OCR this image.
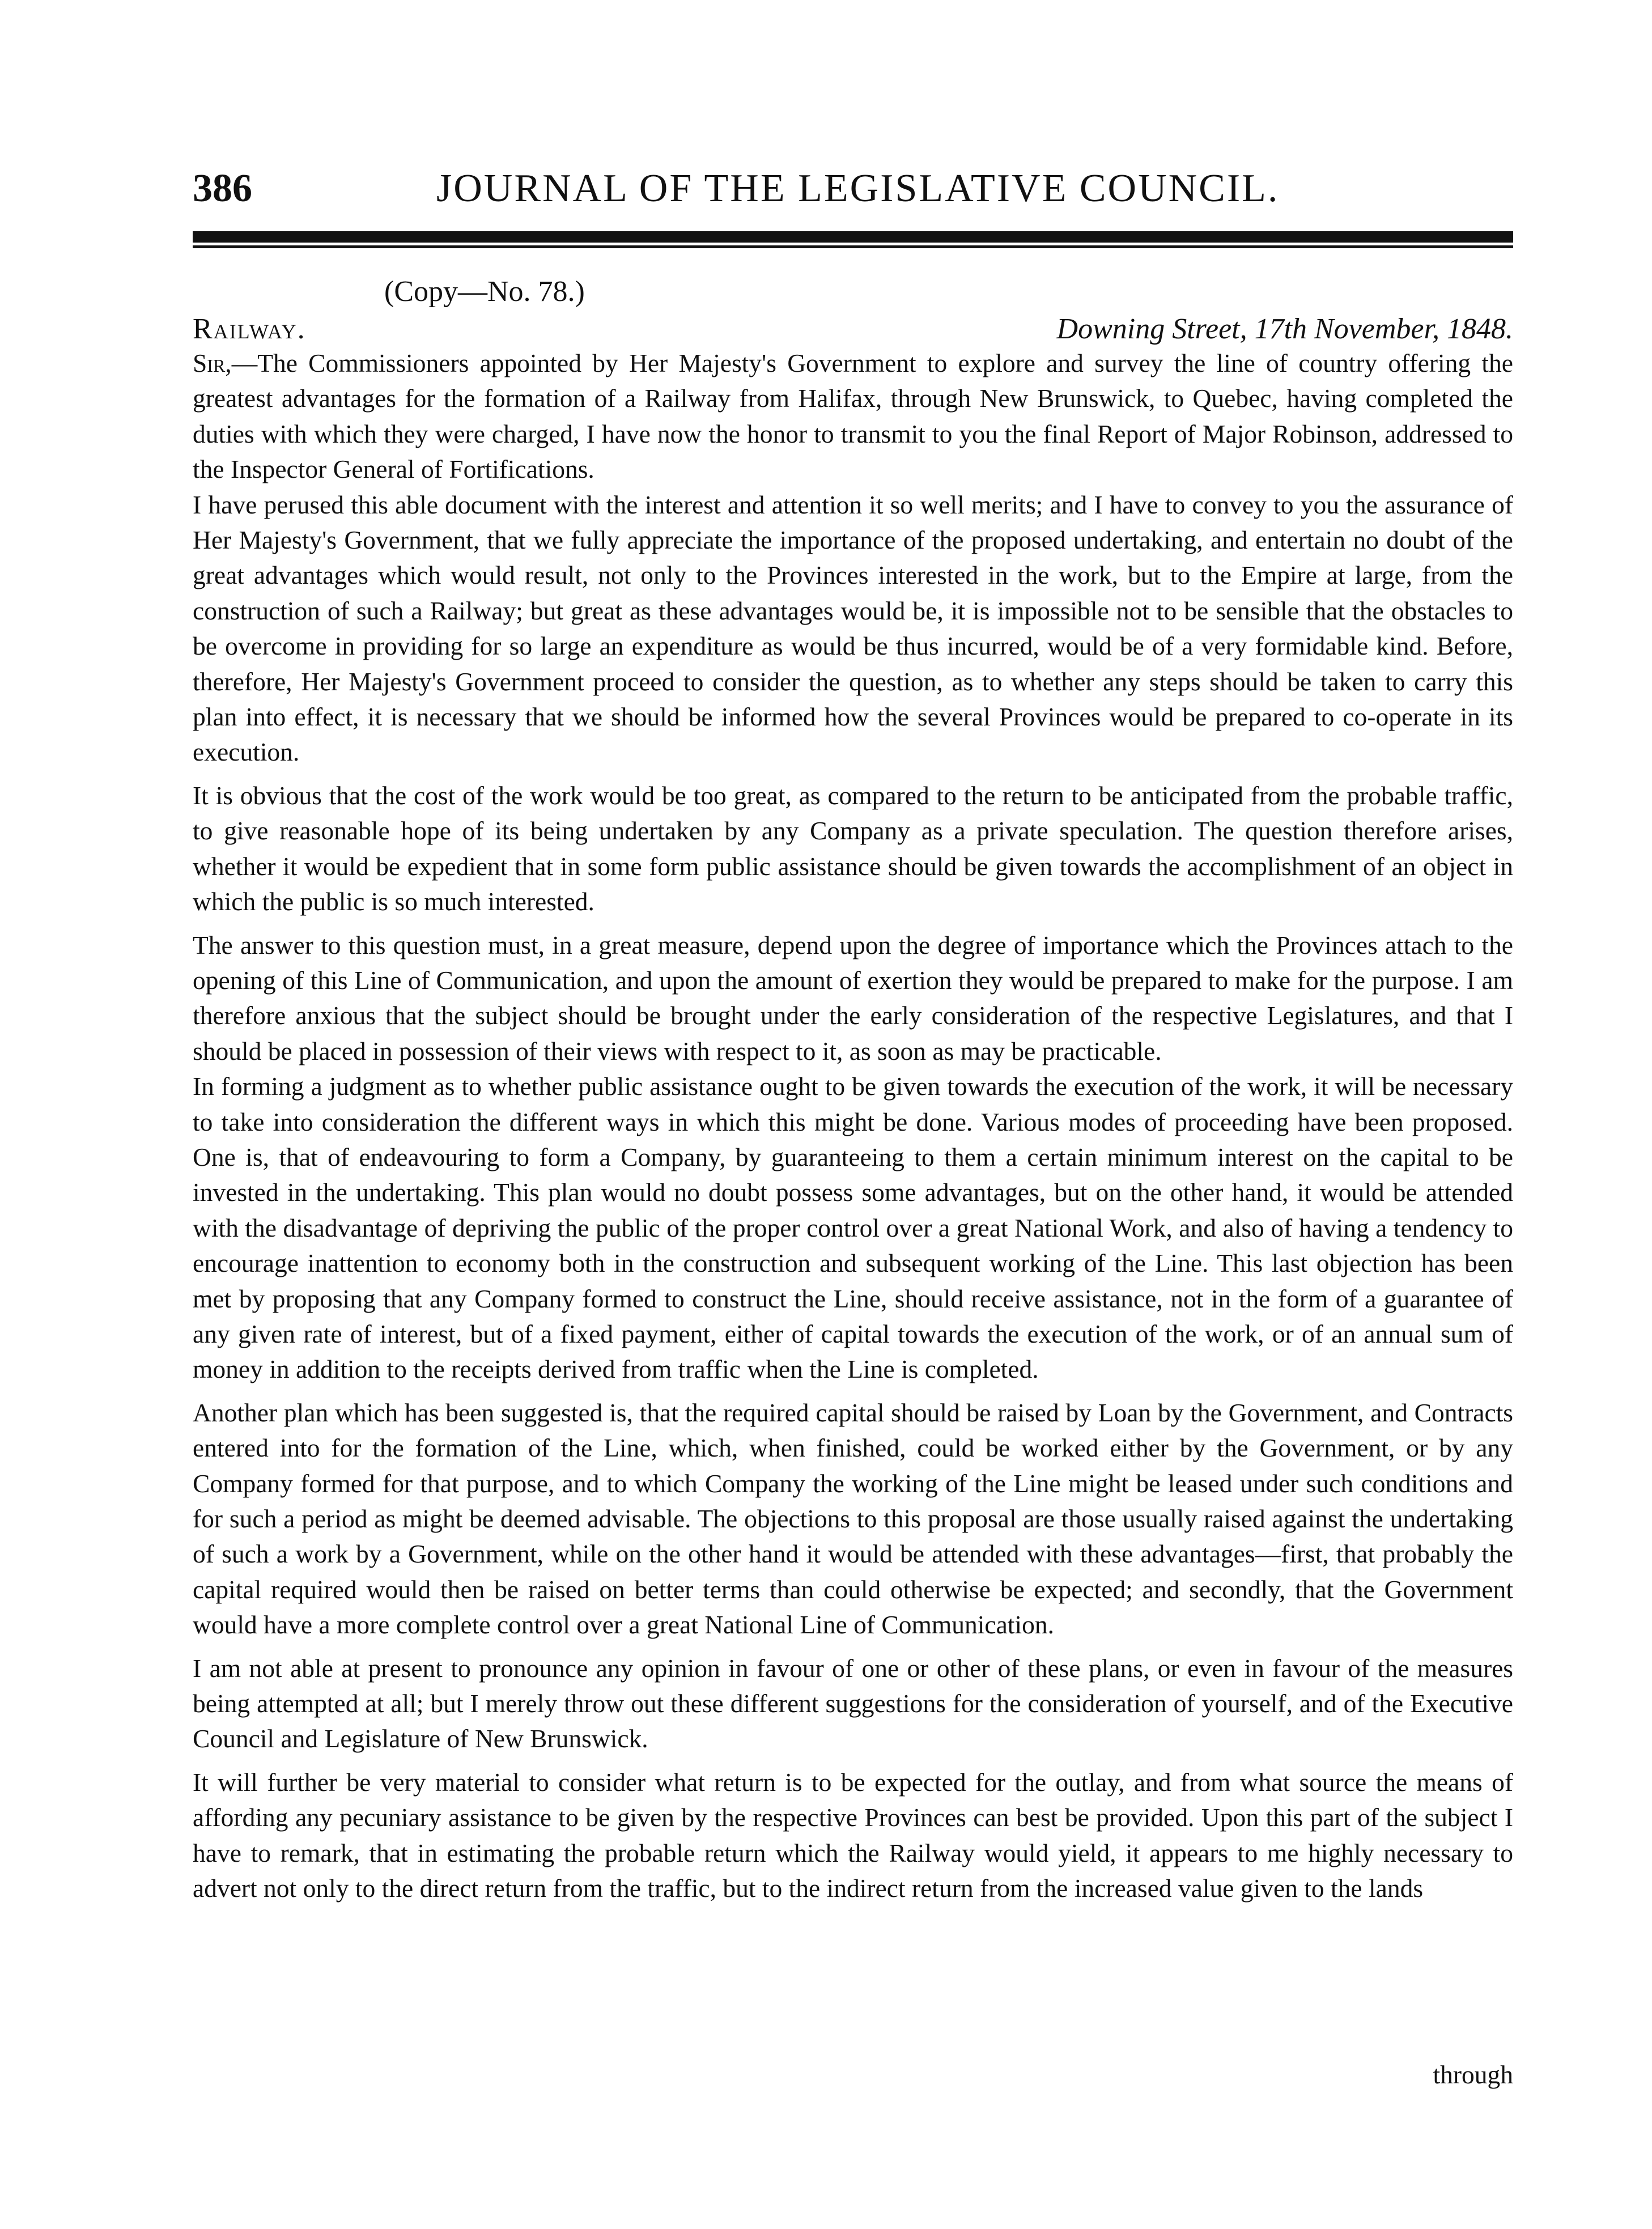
386	JOURNAL OF THE LEGISLATIVE COUNCIL.
(Copy—No. 78.)
Railway.	Downing Street, 17th November, 1848.

Sir,—The Commissioners appointed by Her Majesty's Government to explore and survey the line of country offering the greatest advantages for the formation of a Railway from Halifax, through New Brunswick, to Quebec, having completed the duties with which they were charged, I have now the honor to transmit to you the final Report of Major Robinson, addressed to the Inspector General of Fortifications.

I have perused this able document with the interest and attention it so well merits; and I have to convey to you the assurance of Her Majesty's Government, that we fully appreciate the importance of the proposed undertaking, and entertain no doubt of the great advantages which would result, not only to the Provinces interested in the work, but to the Empire at large, from the construction of such a Railway; but great as these advantages would be, it is impossible not to be sensible that the obstacles to be overcome in providing for so large an expenditure as would be thus incurred, would be of a very formidable kind. Before, therefore, Her Majesty's Government proceed to consider the question, as to whether any steps should be taken to carry this plan into effect, it is necessary that we should be informed how the several Provinces would be prepared to co-operate in its execution.

It is obvious that the cost of the work would be too great, as compared to the return to be anticipated from the probable traffic, to give reasonable hope of its being undertaken by any Company as a private speculation. The question therefore arises, whether it would be expedient that in some form public assistance should be given towards the accomplishment of an object in which the public is so much interested.

The answer to this question must, in a great measure, depend upon the degree of importance which the Provinces attach to the opening of this Line of Communication, and upon the amount of exertion they would be prepared to make for the purpose. I am therefore anxious that the subject should be brought under the early consideration of the respective Legislatures, and that I should be placed in possession of their views with respect to it, as soon as may be practicable.

In forming a judgment as to whether public assistance ought to be given towards the execution of the work, it will be necessary to take into consideration the different ways in which this might be done. Various modes of proceeding have been proposed. One is, that of endeavouring to form a Company, by guaranteeing to them a certain minimum interest on the capital to be invested in the undertaking. This plan would no doubt possess some advantages, but on the other hand, it would be attended with the disadvantage of depriving the public of the proper control over a great National Work, and also of having a tendency to encourage inattention to economy both in the construction and subsequent working of the Line. This last objection has been met by proposing that any Company formed to construct the Line, should receive assistance, not in the form of a guarantee of any given rate of interest, but of a fixed payment, either of capital towards the execution of the work, or of an annual sum of money in addition to the receipts derived from traffic when the Line is completed.

Another plan which has been suggested is, that the required capital should be raised by Loan by the Government, and Contracts entered into for the formation of the Line, which, when finished, could be worked either by the Government, or by any Company formed for that purpose, and to which Company the working of the Line might be leased under such conditions and for such a period as might be deemed advisable. The objections to this proposal are those usually raised against the undertaking of such a work by a Government, while on the other hand it would be attended with these advantages—first, that probably the capital required would then be raised on better terms than could otherwise be expected; and secondly, that the Government would have a more complete control over a great National Line of Communication.

I am not able at present to pronounce any opinion in favour of one or other of these plans, or even in favour of the measures being attempted at all; but I merely throw out these different suggestions for the consideration of yourself, and of the Executive Council and Legislature of New Brunswick.

It will further be very material to consider what return is to be expected for the outlay, and from what source the means of affording any pecuniary assistance to be given by the respective Provinces can best be provided. Upon this part of the subject I have to remark, that in estimating the probable return which the Railway would yield, it appears to me highly necessary to advert not only to the direct return from the traffic, but to the indirect return from the increased value given to the lands

through
